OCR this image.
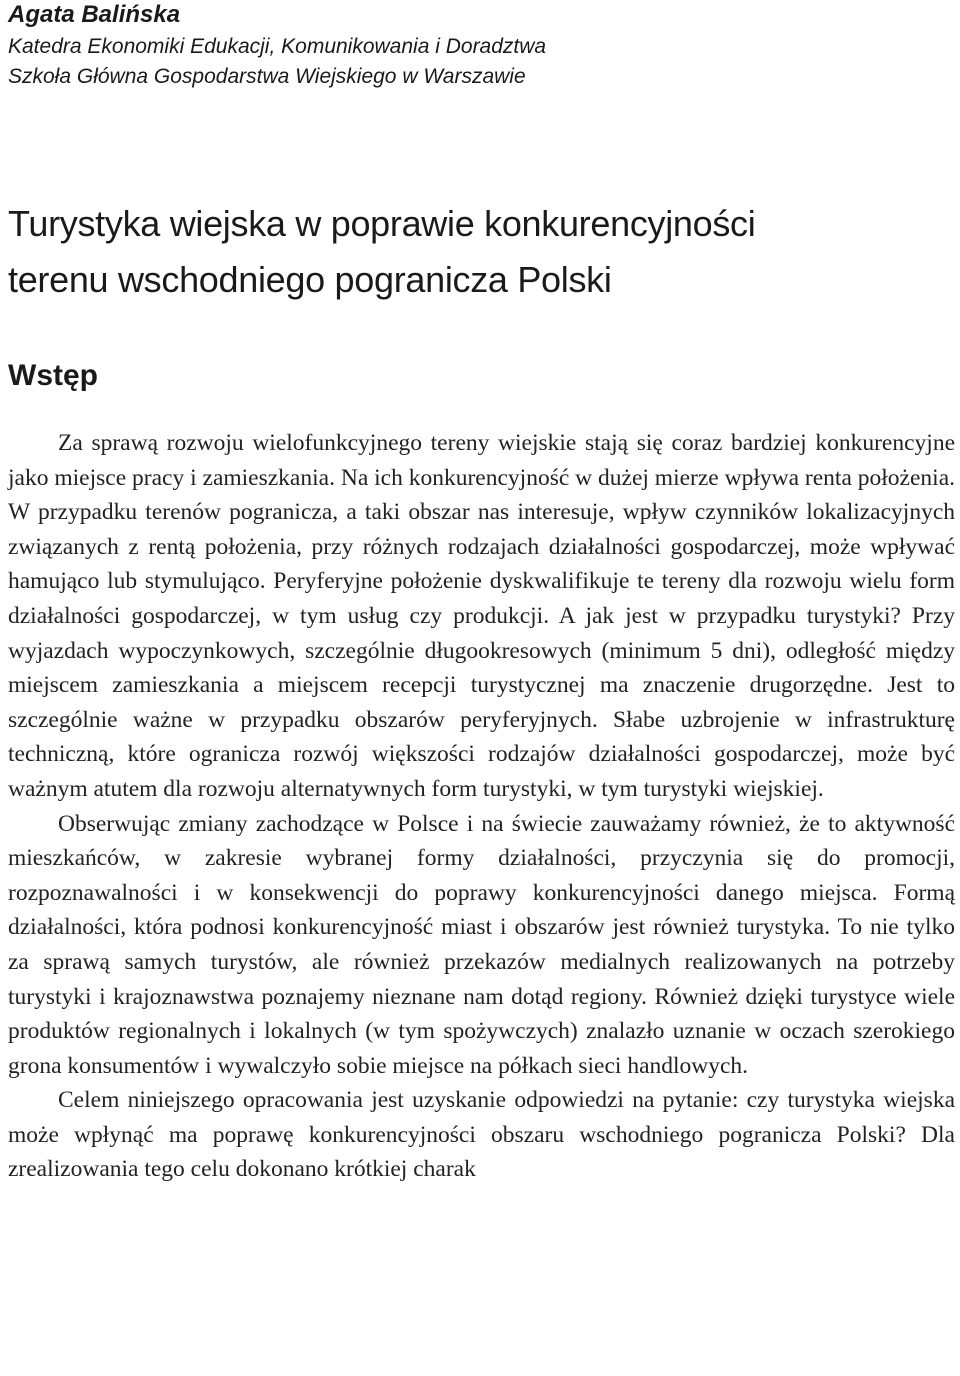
Agata Balińska

Katedra Ekonomiki Edukacji, Komunikowania i Doradztwa

Szkoła Główna Gospodarstwa Wiejskiego w Warszawie

Turystyka wiejska w poprawie konkurencyjności
terenu wschodniego pogranicza Polski
Wstęp

Za sprawą rozwoju wielofunkcyjnego tereny wiejskie stają się coraz bardziej konkurencyjne jako miejsce pracy i zamieszkania. Na ich konkurencyjność w dużej mierze wpływa renta położenia. W przypadku terenów pogranicza, a taki obszar nas interesuje, wpływ czynników lokalizacyjnych związanych z rentą położenia, przy różnych rodzajach działalności gospodarczej, może wpływać hamująco lub stymulująco. Peryferyjne położenie dyskwalifikuje te tereny dla rozwoju wielu form działalności gospodarczej, w tym usług czy produkcji. A jak jest w przypadku turystyki? Przy wyjazdach wypoczynkowych, szczególnie długookresowych (minimum 5 dni), odległość między miejscem zamieszkania a miejscem recepcji turystycznej ma znaczenie drugorzędne. Jest to szczególnie ważne w przypadku obszarów peryferyjnych. Słabe uzbrojenie w infrastrukturę techniczną, które ogranicza rozwój większości rodzajów działalności gospodarczej, może być ważnym atutem dla rozwoju alternatywnych form turystyki, w tym turystyki wiejskiej.

Obserwując zmiany zachodzące w Polsce i na świecie zauważamy również, że to aktywność mieszkańców, w zakresie wybranej formy działalności, przyczynia się do promocji, rozpoznawalności i w konsekwencji do poprawy konkurencyjności danego miejsca. Formą działalności, która podnosi konkurencyjność miast i obszarów jest również turystyka. To nie tylko za sprawą samych turystów, ale również przekazów medialnych realizowanych na potrzeby turystyki i krajoznawstwa poznajemy nieznane nam dotąd regiony. Również dzięki turystyce wiele produktów regionalnych i lokalnych (w tym spożywczych) znalazło uznanie w oczach szerokiego grona konsumentów i wywalczyło sobie miejsce na półkach sieci handlowych.

Celem niniejszego opracowania jest uzyskanie odpowiedzi na pytanie: czy turystyka wiejska może wpłynąć ma poprawę konkurencyjności obszaru wschodniego pogranicza Polski? Dla zrealizowania tego celu dokonano krótkiej charak
